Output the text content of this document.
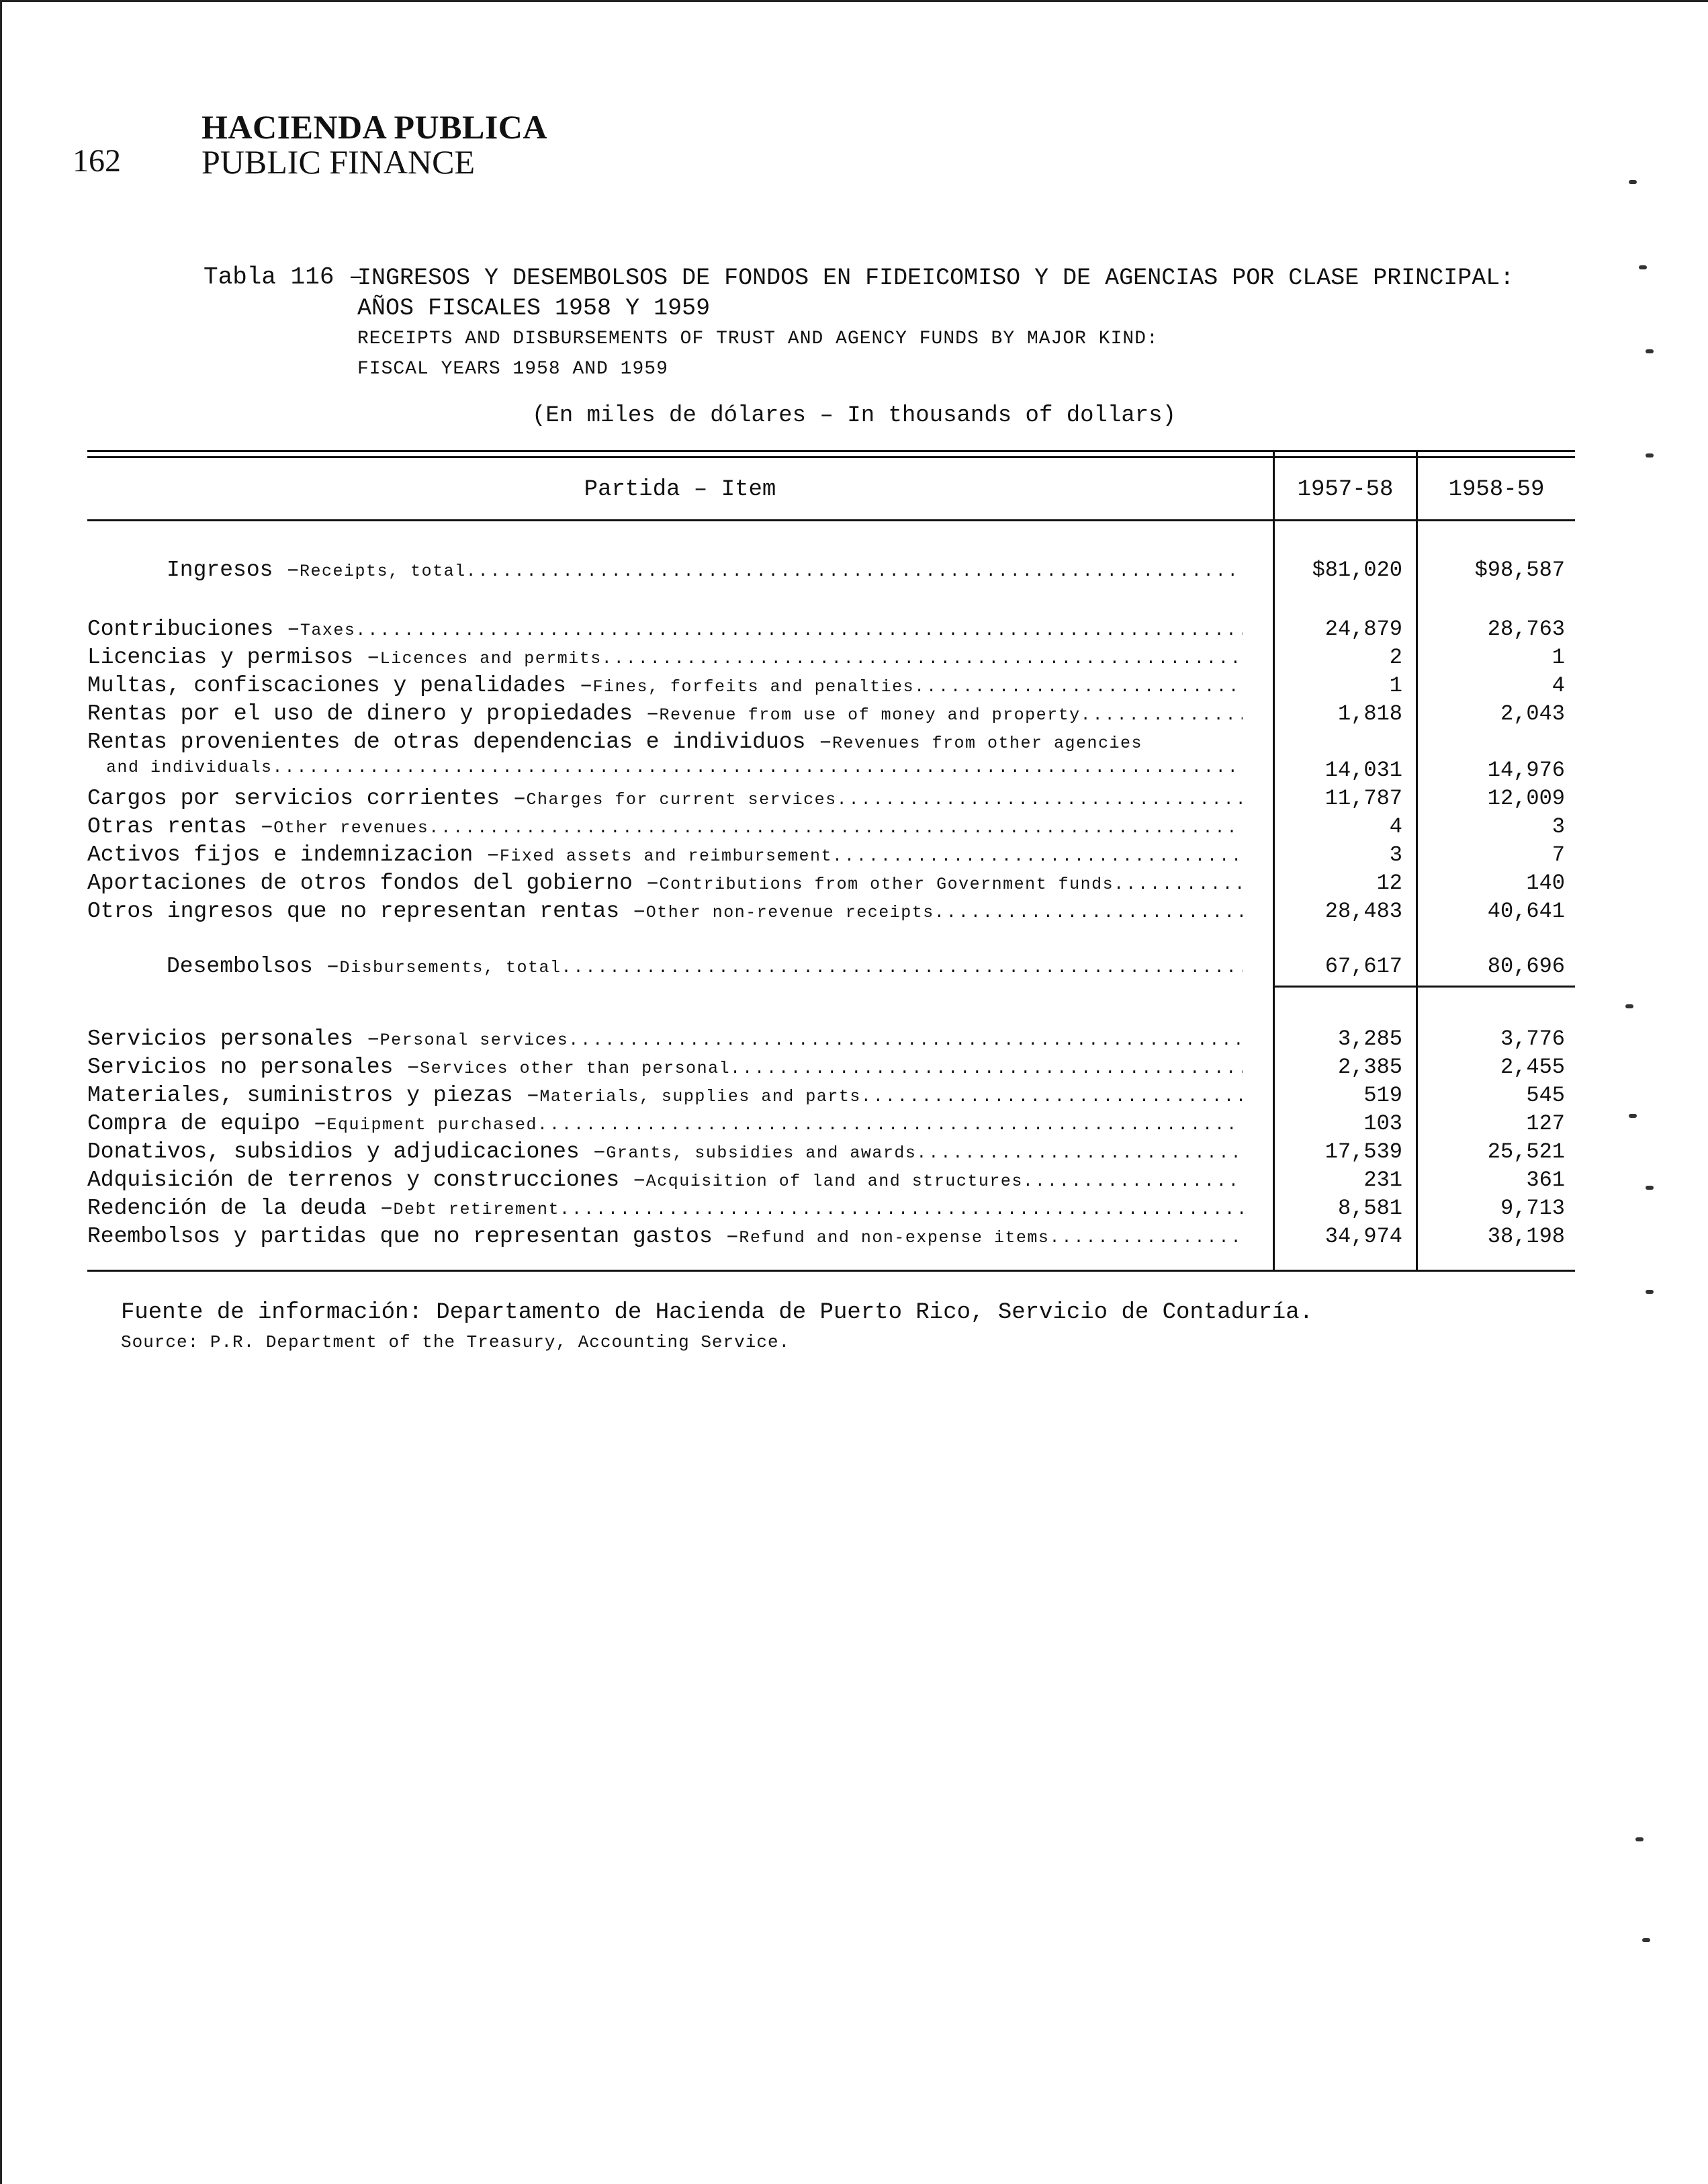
HACIENDA PUBLICA
PUBLIC FINANCE
162
Tabla 116 –
INGRESOS Y DESEMBOLSOS DE FONDOS EN FIDEICOMISO Y DE AGENCIAS POR CLASE PRINCIPAL:
AÑOS FISCALES 1958 Y 1959
RECEIPTS AND DISBURSEMENTS OF TRUST AND AGENCY FUNDS BY MAJOR KIND:
FISCAL YEARS 1958 AND 1959
(En miles de dólares – In thousands of dollars)
Partida – Item	1957-58	1958-59
Ingresos – Receipts, total .....	$81,020	$98,587
Contribuciones – Taxes .....	24,879	28,763
Licencias y permisos – Licences and permits .....	2	1
Multas, confiscaciones y penalidades – Fines, forfeits and penalties .....	1	4
Rentas por el uso de dinero y propiedades – Revenue from use of money and property .....	1,818	2,043
Rentas provenientes de otras dependencias e individuos – Revenues from other agencies
and individuals .....	14,031	14,976
Cargos por servicios corrientes – Charges for current services .....	11,787	12,009
Otras rentas – Other revenues .....	4	3
Activos fijos e indemnizacion – Fixed assets and reimbursement .....	3	7
Aportaciones de otros fondos del gobierno – Contributions from other Government funds .....	12	140
Otros ingresos que no representan rentas – Other non-revenue receipts .....	28,483	40,641
Desembolsos – Disbursements, total .....	67,617	80,696
Servicios personales – Personal services .....	3,285	3,776
Servicios no personales – Services other than personal .....	2,385	2,455
Materiales, suministros y piezas – Materials, supplies and parts .....	519	545
Compra de equipo – Equipment purchased .....	103	127
Donativos, subsidios y adjudicaciones – Grants, subsidies and awards .....	17,539	25,521
Adquisición de terrenos y construcciones – Acquisition of land and structures .....	231	361
Redención de la deuda – Debt retirement .....	8,581	9,713
Reembolsos y partidas que no representan gastos – Refund and non-expense items .....	34,974	38,198
Fuente de información: Departamento de Hacienda de Puerto Rico, Servicio de Contaduría.
Source: P.R. Department of the Treasury, Accounting Service.
